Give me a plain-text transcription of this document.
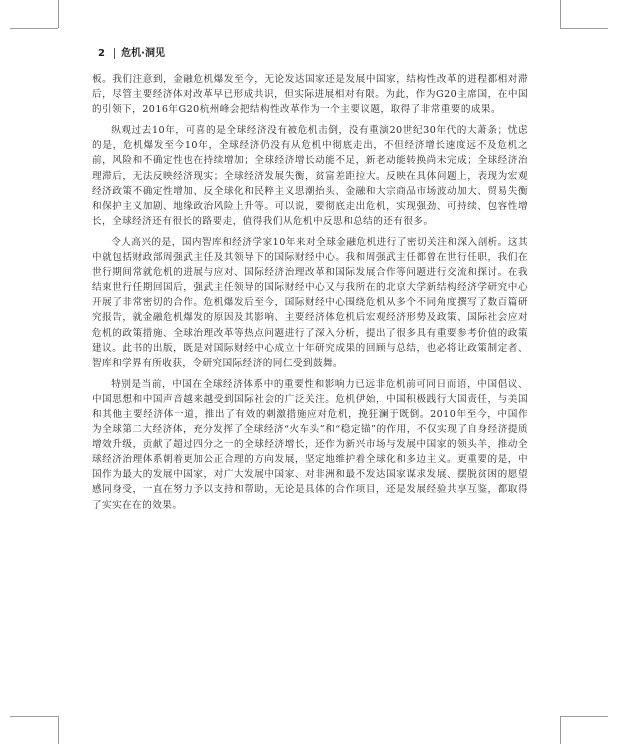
2 危机·洞见

板。我们注意到，金融危机爆发至今，无论发达国家还是发展中国家，结构性改革的进程都相对滞后，尽管主要经济体对改革早已形成共识，但实际进展相对有限。为此，作为G20主席国，在中国的引领下，2016年G20杭州峰会把结构性改革作为一个主要议题，取得了非常重要的成果。

纵观过去10年，可喜的是全球经济没有被危机击倒，没有重演20世纪30年代的大萧条；忧虑的是，危机爆发至今10年，全球经济仍没有从危机中彻底走出，不但经济增长速度远不及危机之前，风险和不确定性也在持续增加；全球经济增长动能不足，新老动能转换尚未完成；全球经济治理滞后，无法反映经济现实；全球经济发展失衡，贫富差距拉大。反映在具体问题上，表现为宏观经济政策不确定性增加、反全球化和民粹主义思潮抬头、金融和大宗商品市场波动加大、贸易失衡和保护主义加剧、地缘政治风险上升等。可以说，要彻底走出危机，实现强劲、可持续、包容性增长，全球经济还有很长的路要走，值得我们从危机中反思和总结的还有很多。

令人高兴的是，国内智库和经济学家10年来对全球金融危机进行了密切关注和深入剖析。这其中就包括财政部周强武主任及其领导下的国际财经中心。我和周强武主任都曾在世行任职，我们在世行期间常就危机的进展与应对、国际经济治理改革和国际发展合作等问题进行交流和探讨。在我结束世行任期回国后，强武主任领导的国际财经中心又与我所在的北京大学新结构经济学研究中心开展了非常密切的合作。危机爆发后至今，国际财经中心围绕危机从多个不同角度撰写了数百篇研究报告，就金融危机爆发的原因及其影响、主要经济体危机后宏观经济形势及政策、国际社会应对危机的政策措施、全球治理改革等热点问题进行了深入分析，提出了很多具有重要参考价值的政策建议。此书的出版，既是对国际财经中心成立十年研究成果的回顾与总结，也必将让政策制定者、智库和学界有所收获，令研究国际经济的同仁受到鼓舞。

特别是当前，中国在全球经济体系中的重要性和影响力已远非危机前可同日而语，中国倡议、中国思想和中国声音越来越受到国际社会的广泛关注。危机伊始，中国积极践行大国责任，与美国和其他主要经济体一道，推出了有效的刺激措施应对危机，挽狂澜于既倒。2010年至今，中国作为全球第二大经济体，充分发挥了全球经济“火车头”和“稳定锚”的作用，不仅实现了自身经济提质增效升级，贡献了超过四分之一的全球经济增长，还作为新兴市场与发展中国家的领头羊，推动全球经济治理体系朝着更加公正合理的方向发展，坚定地维护着全球化和多边主义。更重要的是，中国作为最大的发展中国家，对广大发展中国家、对非洲和最不发达国家谋求发展、摆脱贫困的愿望感同身受，一直在努力予以支持和帮助，无论是具体的合作项目，还是发展经验共享互鉴，都取得了实实在在的效果。
